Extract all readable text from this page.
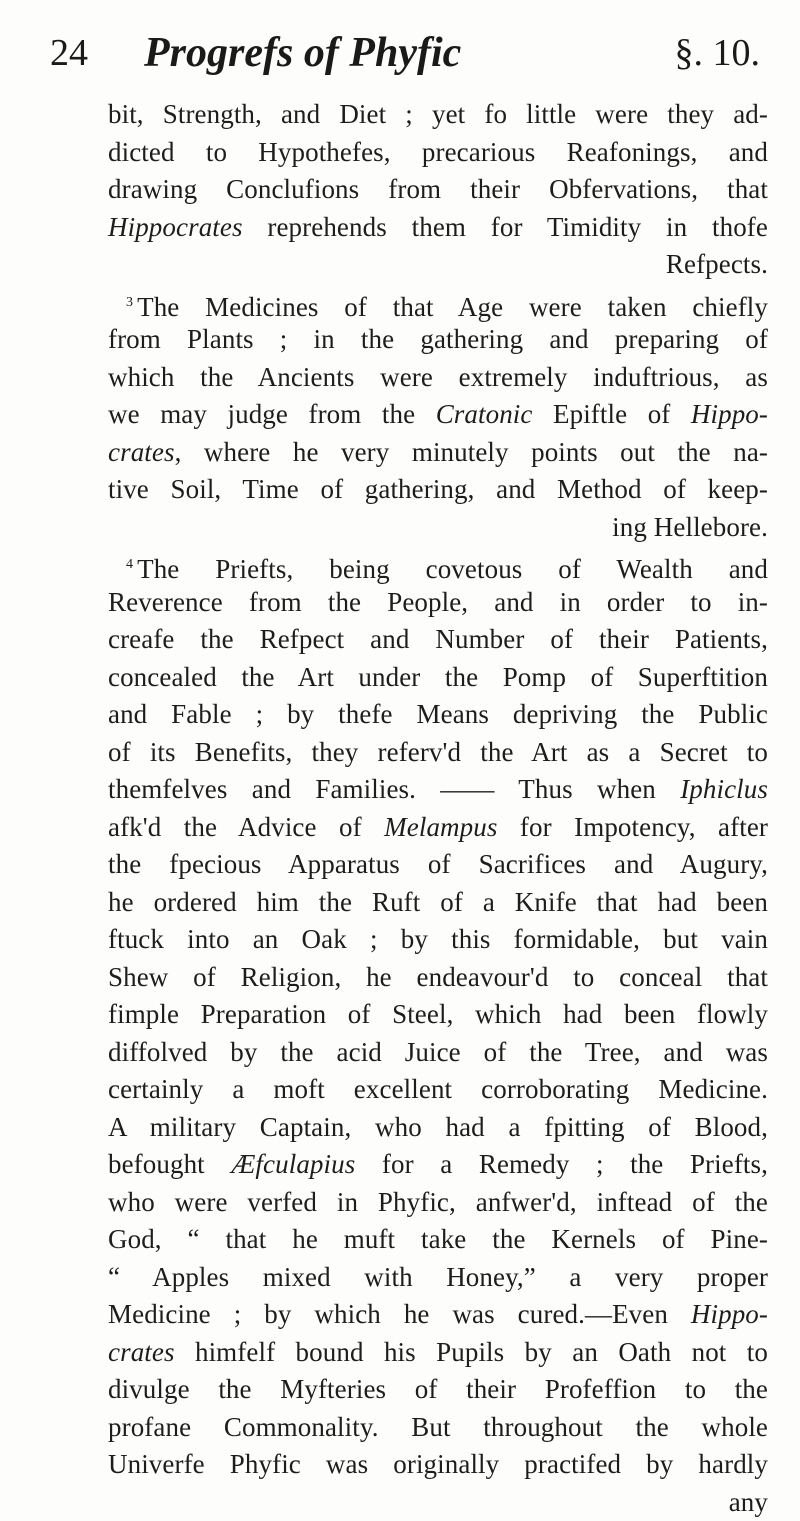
24 Progrefs of Phyfic	§. 10.
bit, Strength, and Diet ; yet fo little were they ad-
dicted to Hypothefes, precarious Reafonings, and
drawing Conclufions from their Obfervations, that
Hippocrates reprehends them for Timidity in thofe
Refpects.
$^3$ The Medicines of that Age were taken chiefly
from Plants ; in the gathering and preparing of
which the Ancients were extremely induftrious, as
we may judge from the Cratonic Epiftle of Hippo-
crates, where he very minutely points out the na-
tive Soil, Time of gathering, and Method of keep-
ing Hellebore.
$^4$ The Priefts, being covetous of Wealth and
Reverence from the People, and in order to in-
creafe the Refpect and Number of their Patients,
concealed the Art under the Pomp of Superftition
and Fable ; by thefe Means depriving the Public
of its Benefits, they referv'd the Art as a Secret to
themfelves and Families. —— Thus when Iphiclus
afk'd the Advice of Melampus for Impotency, after
the fpecious Apparatus of Sacrifices and Augury,
he ordered him the Ruft of a Knife that had been
ftuck into an Oak ; by this formidable, but vain
Shew of Religion, he endeavour'd to conceal that
fimple Preparation of Steel, which had been flowly
diffolved by the acid Juice of the Tree, and was
certainly a moft excellent corroborating Medicine.
A military Captain, who had a fpitting of Blood,
befought Æfculapius for a Remedy ; the Priefts,
who were verfed in Phyfic, anfwer'd, inftead of the
God, “ that he muft take the Kernels of Pine-
“ Apples mixed with Honey,” a very proper
Medicine ; by which he was cured.—Even Hippo-
crates himfelf bound his Pupils by an Oath not to
divulge the Myfteries of their Profeffion to the
profane Commonality. But throughout the whole
Univerfe Phyfic was originally practifed by hardly
any
